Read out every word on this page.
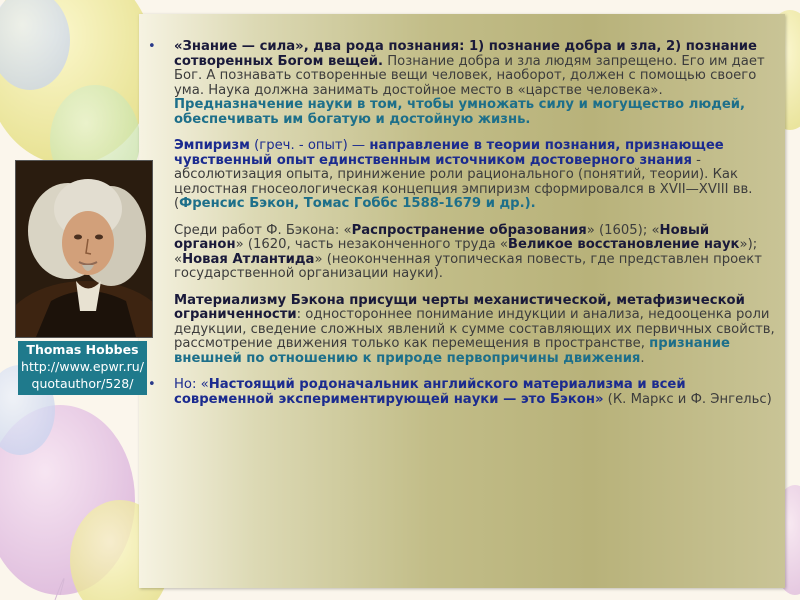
Thomas Hobbes
http://www.epwr.ru/
quotauthor/528/
• «Знание — сила», два рода познания: 1) познание добра и зла, 2) познание сотворенных Богом вещей. Познание добра и зла людям запрещено. Его им дает Бог. А познавать сотворенные вещи человек, наоборот, должен с помощью своего ума. Наука должна занимать достойное место в «царстве человека». Предназначение науки в том, чтобы умножать силу и могущество людей, обеспечивать им богатую и достойную жизнь.
Эмпиризм (греч. - опыт) — направление в теории познания, признающее чувственный опыт единственным источником достоверного знания - абсолютизация опыта, принижение роли рационального (понятий, теории). Как целостная гносеологическая концепция эмпиризм сформировался в XVII—XVIII вв. (Френсис Бэкон, Томас Гоббс 1588-1679 и др.).
Среди работ Ф. Бэкона: «Распространение образования» (1605); «Новый органон» (1620, часть незаконченного труда «Великое восстановление наук»); «Новая Атлантида» (неоконченная утопическая повесть, где представлен проект государственной организации науки).
Материализму Бэкона присущи черты механистической, метафизической ограниченности: одностороннее понимание индукции и анализа, недооценка роли дедукции, сведение сложных явлений к сумме составляющих их первичных свойств, рассмотрение движения только как перемещения в пространстве, признание внешней по отношению к природе первопричины движения.
• Но: «Настоящий родоначальник английского материализма и всей современной экспериментирующей науки — это Бэкон» (К. Маркс и Ф. Энгельс)
